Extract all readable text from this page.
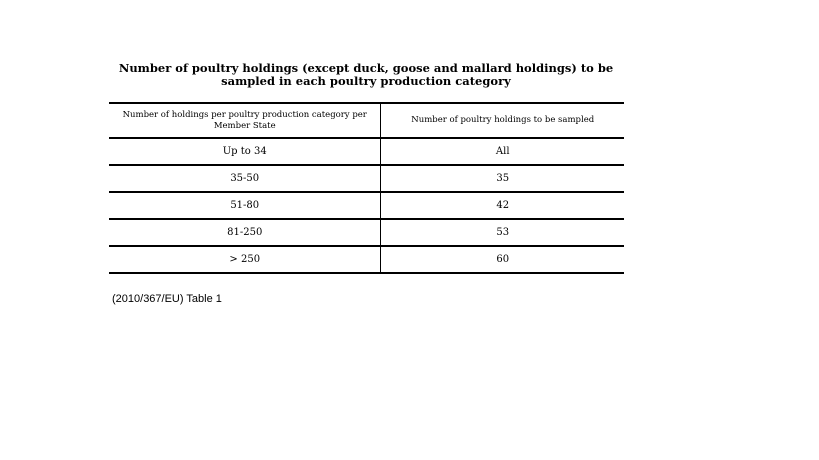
Number of poultry holdings (except duck, goose and mallard holdings) to be sampled in each poultry production category
Number of holdings per poultry production category per Member State	Number of poultry holdings to be sampled
Up to 34	All
35-50	35
51-80	42
81-250	53
> 250	60
(2010/367/EU) Table 1
